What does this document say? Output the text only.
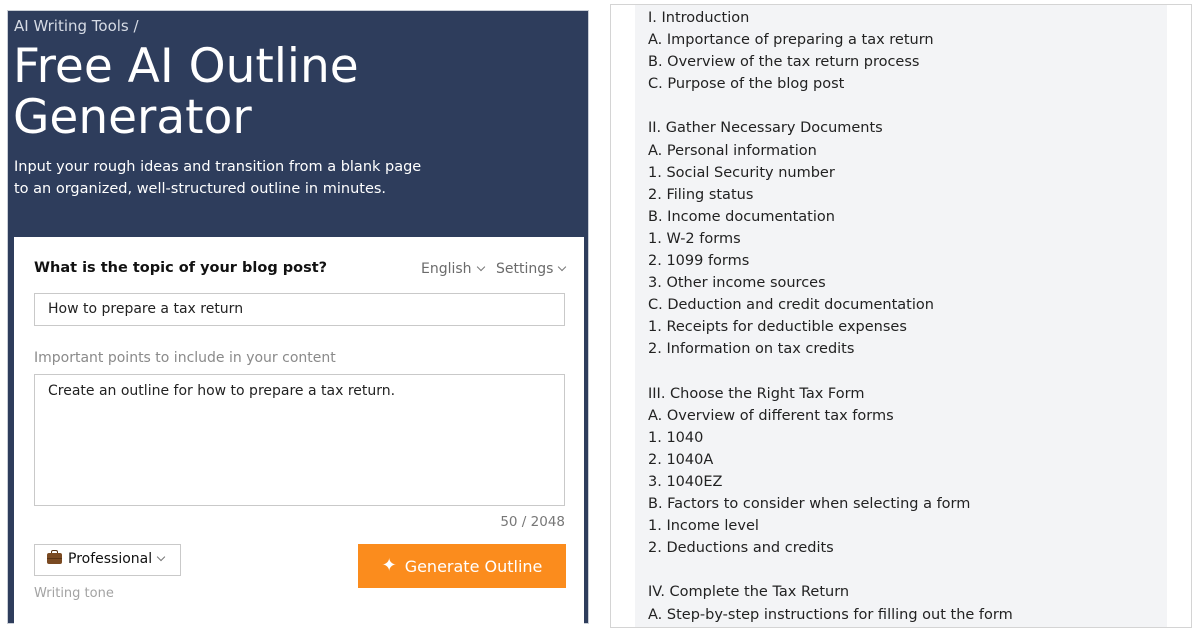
AI Writing Tools /
Free AI Outline Generator
Input your rough ideas and transition from a blank page to an organized, well-structured outline in minutes.
What is the topic of your blog post?	English	Settings
How to prepare a tax return
Important points to include in your content
Create an outline for how to prepare a tax return.
50 / 2048
Professional
Writing tone
✦ Generate Outline
I. Introduction
A. Importance of preparing a tax return
B. Overview of the tax return process
C. Purpose of the blog post
II. Gather Necessary Documents
A. Personal information
1. Social Security number
2. Filing status
B. Income documentation
1. W-2 forms
2. 1099 forms
3. Other income sources
C. Deduction and credit documentation
1. Receipts for deductible expenses
2. Information on tax credits
III. Choose the Right Tax Form
A. Overview of different tax forms
1. 1040
2. 1040A
3. 1040EZ
B. Factors to consider when selecting a form
1. Income level
2. Deductions and credits
IV. Complete the Tax Return
A. Step-by-step instructions for filling out the form
